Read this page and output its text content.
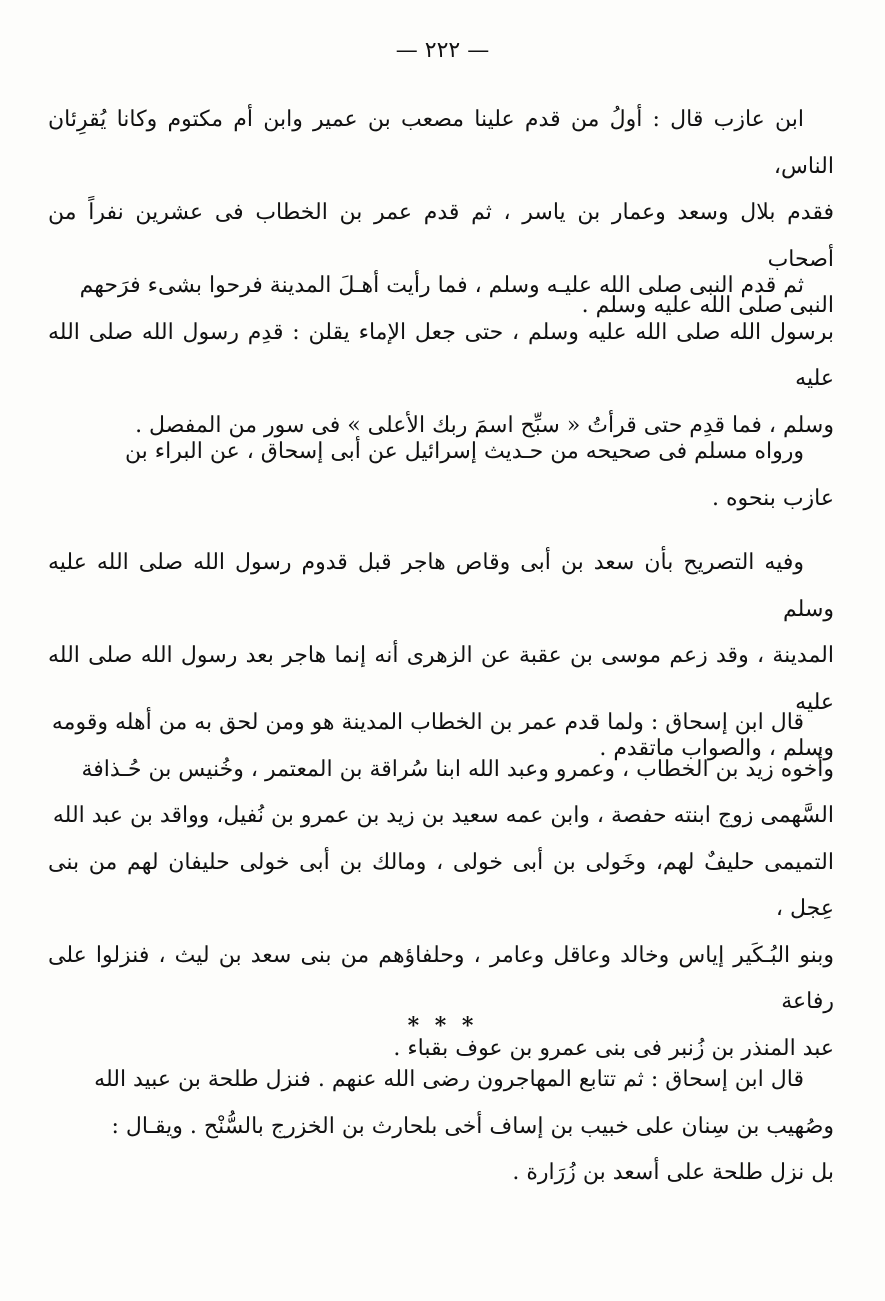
— ٢٢٢ —

ابن عازب قال : أولُ من قدم علينا مصعب بن عمير وابن أم مكتوم وكانا يُقرِئان الناس،

فقدم بلال وسعد وعمار بن ياسر ، ثم قدم عمر بن الخطاب فى عشرين نفراً من أصحاب

النبى صلى الله عليه وسلم .

ثم قدم النبى صلى الله عليـه وسلم ، فما رأيت أهـلَ المدينة فرحوا بشىء فرَحهم

برسول الله صلى الله عليه وسلم ، حتى جعل الإماء يقلن : قدِم رسول الله صلى الله عليه

وسلم ، فما قدِم حتى قرأتُ « سبِّح اسمَ ربك الأعلى » فى سور من المفصل .

ورواه مسلم فى صحيحه من حـديث إسرائيل عن أبى إسحاق ، عن البراء بن

عازب بنحوه .

وفيه التصريح بأن سعد بن أبى وقاص هاجر قبل قدوم رسول الله صلى الله عليه وسلم

المدينة ، وقد زعم موسى بن عقبة عن الزهرى أنه إنما هاجر بعد رسول الله صلى الله عليه

وسلم ، والصواب ماتقدم .

قال ابن إسحاق : ولما قدم عمر بن الخطاب المدينة هو ومن لحق به من أهله وقومه

وأخوه زيد بن الخطاب ، وعمرو وعبد الله ابنا سُراقة بن المعتمر ، وخُنيس بن حُـذافة

السَّهمى زوج ابنته حفصة ، وابن عمه سعيد بن زيد بن عمرو بن نُفيل، وواقد بن عبد الله

التميمى حليفٌ لهم، وخَولى بن أبى خولى ، ومالك بن أبى خولى حليفان لهم من بنى عِجل ،

وبنو البُـكَير إياس وخالد وعاقل وعامر ، وحلفاؤهم من بنى سعد بن ليث ، فنزلوا على رفاعة

عبد المنذر بن زُنبر فى بنى عمرو بن عوف بقباء .

* * *

قال ابن إسحاق : ثم تتابع المهاجرون رضى الله عنهم . فنزل طلحة بن عبيد الله

وصُهيب بن سِنان على خبيب بن إساف أخى بلحارث بن الخزرج بالسُّنْح . ويقـال :

بل نزل طلحة على أسعد بن زُرَارة .
